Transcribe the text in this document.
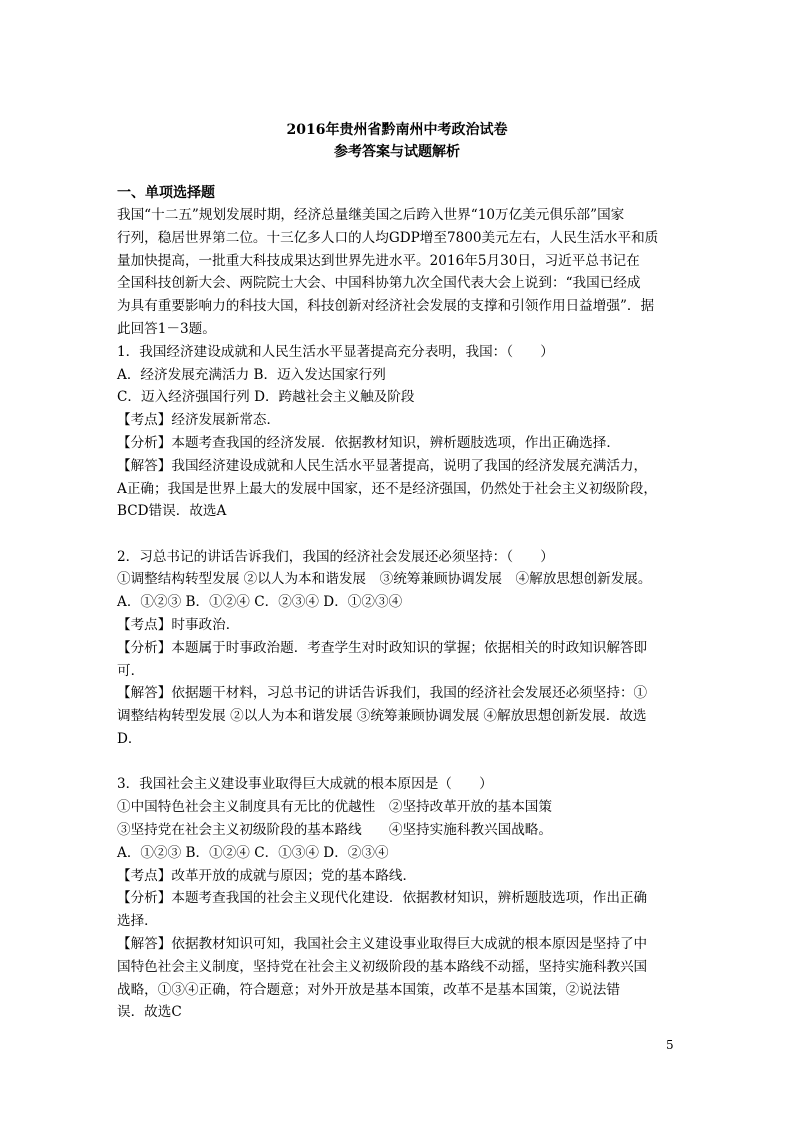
2016年贵州省黔南州中考政治试卷
参考答案与试题解析
一、单项选择题
我国“十二五”规划发展时期，经济总量继美国之后跨入世界“10万亿美元俱乐部”国家
行列，稳居世界第二位。十三亿多人口的人均GDP增至7800美元左右，人民生活水平和质
量加快提高，一批重大科技成果达到世界先进水平。2016年5月30日，习近平总书记在
全国科技创新大会、两院院士大会、中国科协第九次全国代表大会上说到：“我国已经成
为具有重要影响力的科技大国，科技创新对经济社会发展的支撑和引领作用日益增强”．据
此回答1－3题。
1．我国经济建设成就和人民生活水平显著提高充分表明，我国：（　　）
A．经济发展充满活力 B．迈入发达国家行列
C．迈入经济强国行列 D．跨越社会主义触及阶段
【考点】经济发展新常态．
【分析】本题考查我国的经济发展．依据教材知识，辨析题肢选项，作出正确选择．
【解答】我国经济建设成就和人民生活水平显著提高，说明了我国的经济发展充满活力，
A正确；我国是世界上最大的发展中国家，还不是经济强国，仍然处于社会主义初级阶段，
BCD错误．故选A
2．习总书记的讲话告诉我们，我国的经济社会发展还必须坚持：（　　）
①调整结构转型发展 ②以人为本和谐发展　③统筹兼顾协调发展　④解放思想创新发展。
A．①②③ B．①②④ C．②③④ D．①②③④
【考点】时事政治．
【分析】本题属于时事政治题．考查学生对时政知识的掌握；依据相关的时政知识解答即
可．
【解答】依据题干材料，习总书记的讲话告诉我们，我国的经济社会发展还必须坚持：①
调整结构转型发展 ②以人为本和谐发展 ③统筹兼顾协调发展 ④解放思想创新发展．故选
D．
3．我国社会主义建设事业取得巨大成就的根本原因是（　　）
①中国特色社会主义制度具有无比的优越性　②坚持改革开放的基本国策
③坚持党在社会主义初级阶段的基本路线　　④坚持实施科教兴国战略。
A．①②③ B．①②④ C．①③④ D．②③④
【考点】改革开放的成就与原因；党的基本路线．
【分析】本题考查我国的社会主义现代化建设．依据教材知识，辨析题肢选项，作出正确
选择．
【解答】依据教材知识可知，我国社会主义建设事业取得巨大成就的根本原因是坚持了中
国特色社会主义制度，坚持党在社会主义初级阶段的基本路线不动摇，坚持实施科教兴国
战略，①③④正确，符合题意；对外开放是基本国策，改革不是基本国策，②说法错
误．故选C
5
